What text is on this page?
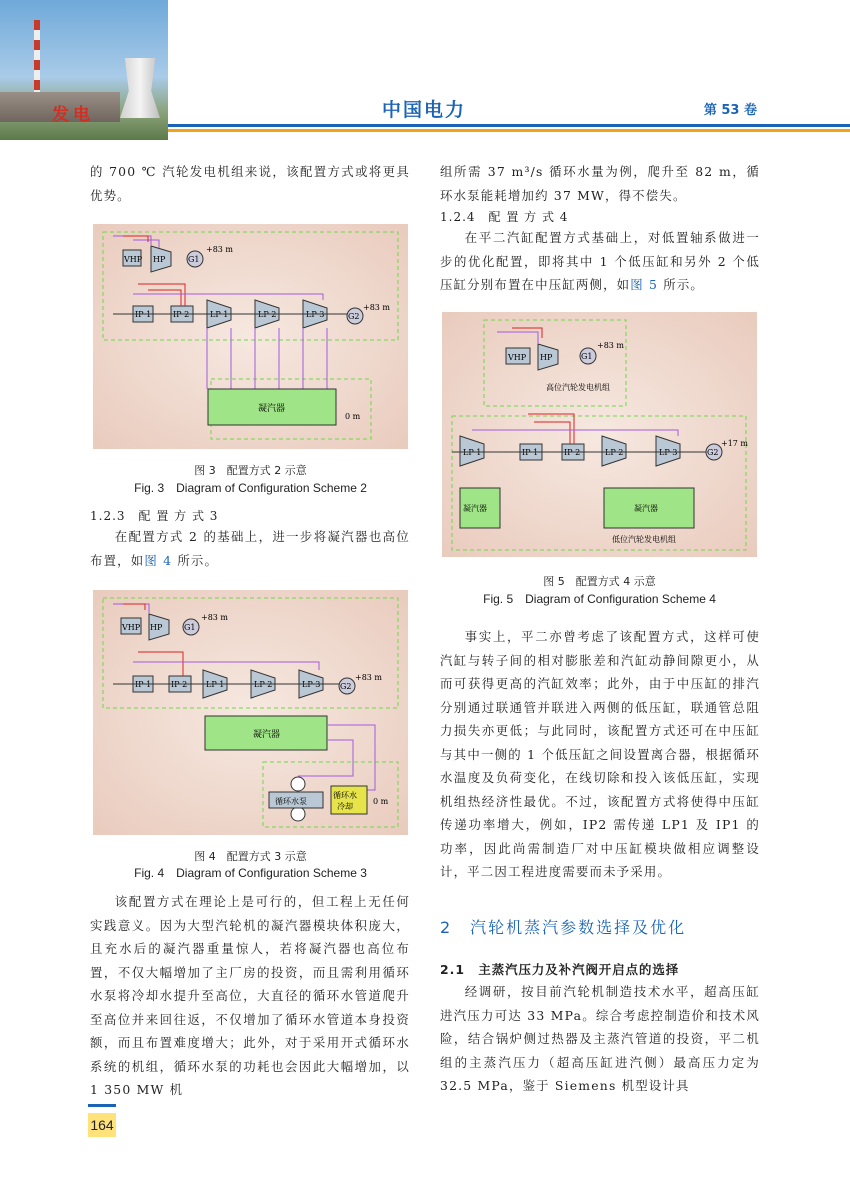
发电	中国电力	第 53 卷

的 700 ℃ 汽轮发电机组来说，该配置方式或将更具优势。

VHP HP	G1
+83 m
IP 1	IP 2	LP 1	LP 2	LP 3	G2
+83 m
凝汽器
0 m
图 3　配置方式 2 示意
Fig. 3　Diagram of Configuration Scheme 2
1.2.3　配 置 方 式 3

在配置方式 2 的基础上，进一步将凝汽器也高位布置，如图 4 所示。

VHP HP	G1
+83 m
IP 1 IP 2 LP 1	LP 2	LP 3 G2
+83 m
凝汽器
循环水泵
循环水
冷却
0 m
图 4　配置方式 3 示意
Fig. 4　Diagram of Configuration Scheme 3

该配置方式在理论上是可行的，但工程上无任何实践意义。因为大型汽轮机的凝汽器模块体积庞大，且充水后的凝汽器重量惊人，若将凝汽器也高位布置，不仅大幅增加了主厂房的投资，而且需利用循环水泵将冷却水提升至高位，大直径的循环水管道爬升至高位并来回往返，不仅增加了循环水管道本身投资额，而且布置难度增大；此外，对于采用开式循环水系统的机组，循环水泵的功耗也会因此大幅增加，以 1 350 MW 机

组所需 37 m³/s 循环水量为例，爬升至 82 m，循环水泵能耗增加约 37 MW，得不偿失。

1.2.4　配 置 方 式 4

在平二汽缸配置方式基础上，对低置轴系做进一步的优化配置，即将其中 1 个低压缸和另外 2 个低压缸分别布置在中压缸两侧，如图 5 所示。

VHP HP	G1
+83 m
高位汽轮发电机组
LP 1	IP 1	IP 2	LP 2	LP 3	G2
+17 m
凝汽器	凝汽器
低位汽轮发电机组
图 5　配置方式 4 示意
Fig. 5　Diagram of Configuration Scheme 4

事实上，平二亦曾考虑了该配置方式，这样可使汽缸与转子间的相对膨胀差和汽缸动静间隙更小，从而可获得更高的汽缸效率；此外，由于中压缸的排汽分别通过联通管并联进入两侧的低压缸，联通管总阻力损失亦更低；与此同时，该配置方式还可在中压缸与其中一侧的 1 个低压缸之间设置离合器，根据循环水温度及负荷变化，在线切除和投入该低压缸，实现机组热经济性最优。不过，该配置方式将使得中压缸传递功率增大，例如，IP2 需传递 LP1 及 IP1 的功率，因此尚需制造厂对中压缸模块做相应调整设计，平二因工程进度需要而未予采用。

2　汽轮机蒸汽参数选择及优化
2.1　主蒸汽压力及补汽阀开启点的选择

经调研，按目前汽轮机制造技术水平，超高压缸进汽压力可达 33 MPa。综合考虑控制造价和技术风险，结合锅炉侧过热器及主蒸汽管道的投资，平二机组的主蒸汽压力（超高压缸进汽侧）最高压力定为 32.5 MPa，鉴于 Siemens 机型设计具

164
